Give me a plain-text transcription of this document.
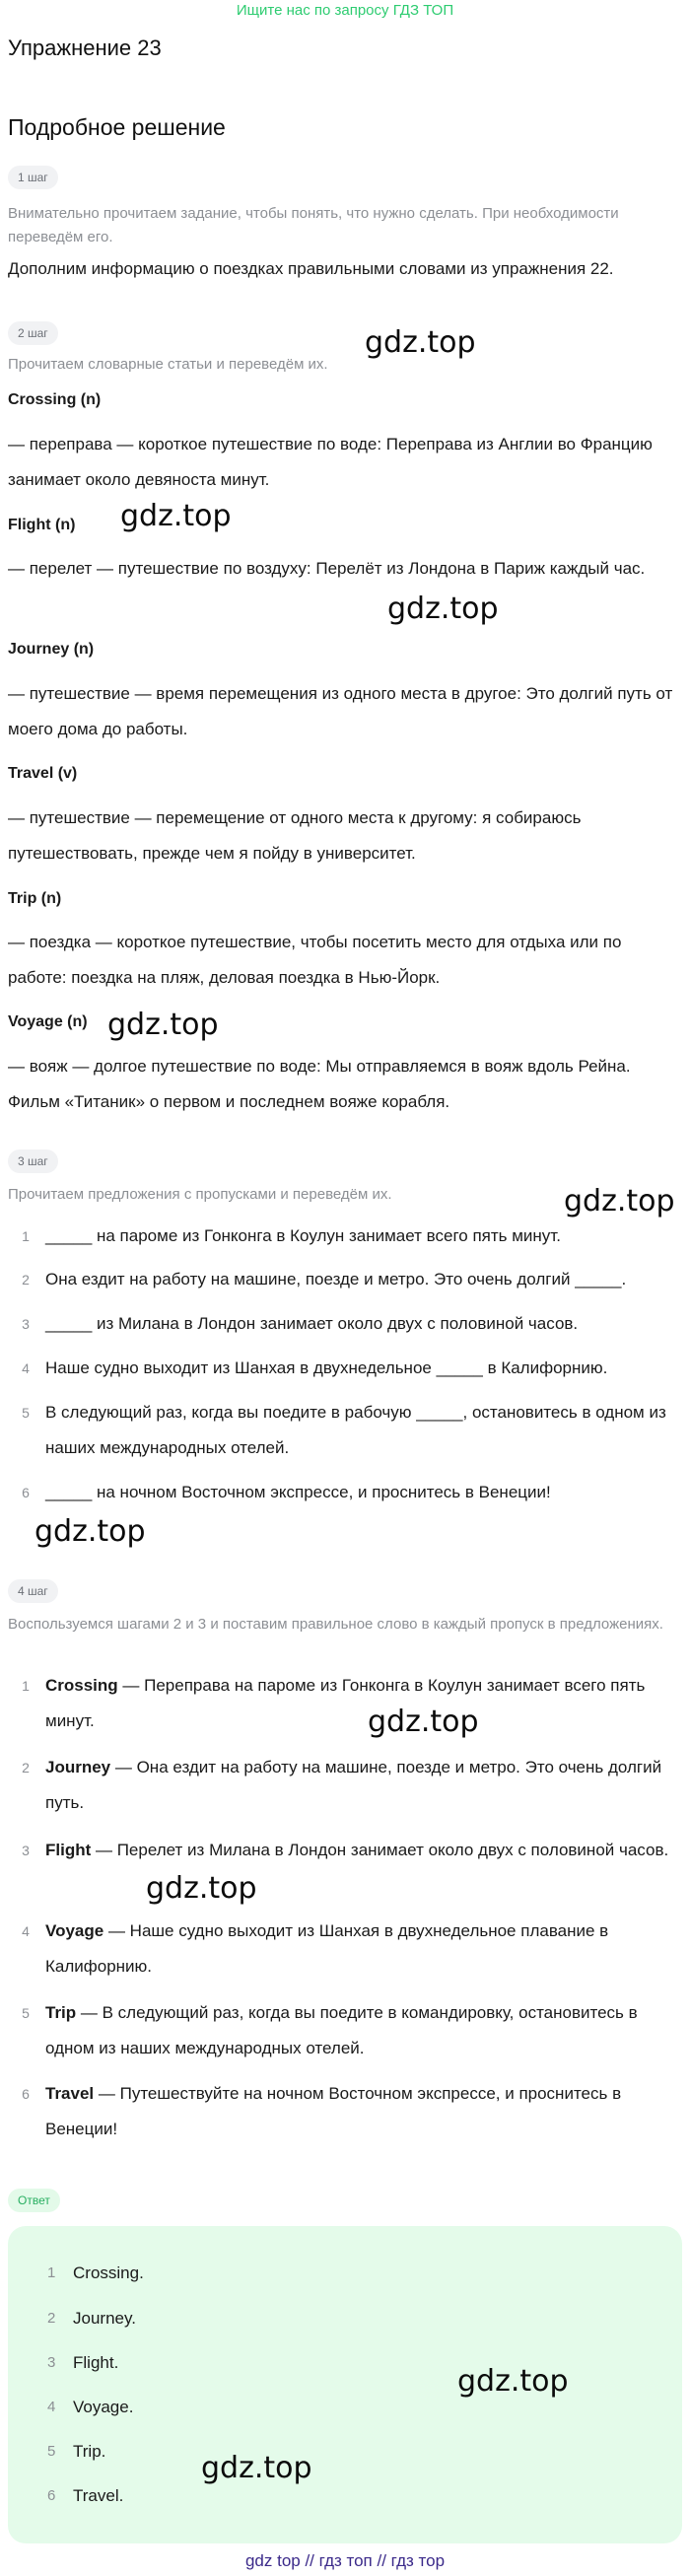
Ищите нас по запросу ГДЗ ТОП
Упражнение 23
Подробное решение
1 шаг
Внимательно прочитаем задание, чтобы понять, что нужно сделать. При необходимости переведём его.
Дополним информацию о поездках правильными словами из упражнения 22.
2 шаг
Прочитаем словарные статьи и переведём их.
Crossing (n)
— переправа — короткое путешествие по воде: Переправа из Англии во Францию занимает около девяноста минут.
Flight (n)
— перелет — путешествие по воздуху: Перелёт из Лондона в Париж каждый час.
Journey (n)
— путешествие — время перемещения из одного места в другое: Это долгий путь от моего дома до работы.
Travel (v)
— путешествие — перемещение от одного места к другому: я собираюсь путешествовать, прежде чем я пойду в университет.
Trip (n)
— поездка — короткое путешествие, чтобы посетить место для отдыха или по работе: поездка на пляж, деловая поездка в Нью-Йорк.
Voyage (n)
— вояж — долгое путешествие по воде: Мы отправляемся в вояж вдоль Рейна. Фильм «Титаник» о первом и последнем вояже корабля.
3 шаг
Прочитаем предложения с пропусками и переведём их.
1 _____ на пароме из Гонконга в Коулун занимает всего пять минут.
2 Она ездит на работу на машине, поезде и метро. Это очень долгий _____.
3 _____ из Милана в Лондон занимает около двух с половиной часов.
4 Наше судно выходит из Шанхая в двухнедельное _____ в Калифорнию.
5 В следующий раз, когда вы поедите в рабочую _____, остановитесь в одном из наших международных отелей.
6 _____ на ночном Восточном экспрессе, и проснитесь в Венеции!
4 шаг
Воспользуемся шагами 2 и 3 и поставим правильное слово в каждый пропуск в предложениях.
1 Crossing — Переправа на пароме из Гонконга в Коулун занимает всего пять минут.
2 Journey — Она ездит на работу на машине, поезде и метро. Это очень долгий путь.
3 Flight — Перелет из Милана в Лондон занимает около двух с половиной часов.
4 Voyage — Наше судно выходит из Шанхая в двухнедельное плавание в Калифорнию.
5 Trip — В следующий раз, когда вы поедите в командировку, остановитесь в одном из наших международных отелей.
6 Travel — Путешествуйте на ночном Восточном экспрессе, и проснитесь в Венеции!
Ответ
1	Crossing.
2	Journey.
3	Flight.
4	Voyage.
5	Trip.
6	Travel.
gdz.top
gdz.top
gdz.top
gdz.top
gdz.top
gdz.top
gdz.top
gdz.top
gdz.top
gdz.top
gdz top // гдз топ // гдз тор
